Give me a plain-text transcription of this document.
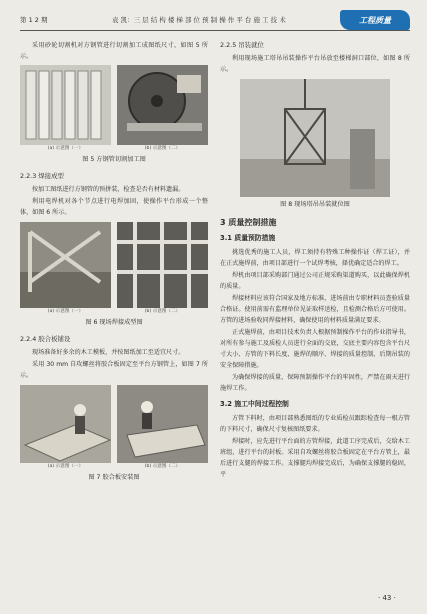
第 1 2 期	袁 凯：三 层 结 构 楼 梯 部 位 预 制 操 作 平 台 施 工 技 术	工程质量

采用砂轮切割机对方钢管进行切割加工成图纸尺寸，如图 5 所示。

(a) 示意图（一）	(b) 示意图（二）
图 5 方钢管切割加工图
2.2.3 焊接成型

按加工图纸进行方钢管的预拼装，检查是否有材料遗漏。

利用电焊机对各个节点进行电焊加固，使操作平台形成一个整体，如图 6 所示。

(a) 示意图（一）	(b) 示意图（二）
图 6 现场焊接成型图
2.2.4 胶合板铺设

现场准备好多余的木工模板，并按图纸加工至适宜尺寸。

采用 30 mm 自攻螺丝将胶合板固定至平台方钢管上，如图 7 所示。

(a) 示意图（一）	(b) 示意图（二）
图 7 胶合板安装图
2.2.5 吊装就位

利用现场施工塔吊吊装操作平台吊放至楼梯洞口部位，如图 8 所示。

图 8 现场塔吊吊装就位图
3 质量控制措施
3.1 质量预防措施

挑选优秀的施工人员，焊工须持有特殊工种操作证（焊工证），并在正式施焊前，由项目部进行一个试焊考核，择优确定适合的焊工。

焊机由项目部采购部门通过公司正规采购渠道购买，以此确保焊机的质量。

焊接材料应该符合国家及地方标准，进场前由专职材料员查验质量合格证。使用前需有监理单位见证取样送检，且检测合格后方可使用。方管的进场验收同焊接材料，确保使用的材料质量满足要求。

正式施焊前，由项目技术负责人根据预制操作平台的作业指导书，对所有参与施工及质检人员进行全面的交底，交底主要内容包含平台尺寸大小、方管的下料长度、施焊的顺序、焊接的质量控制、后期吊装的安全保障措施。

为确保焊接的质量，保障预制操作平台的牢固性，严禁在雨天进行施焊工作。

3.2 施工中间过程控制

方管下料时，由项目部熟悉图纸的专业质检员跟踪检查每一根方管的下料尺寸，确保尺寸复核图纸要求。

焊接时，应先进行平台面的方管焊接，此道工序完成后，交给木工班组，进行平台的封板。采用自攻螺丝将胶合板固定在平台方管上，最后进行支腿的焊接工作。支撑腿均焊接完成后，为确保支撑腿的稳固，平

· 43 ·
